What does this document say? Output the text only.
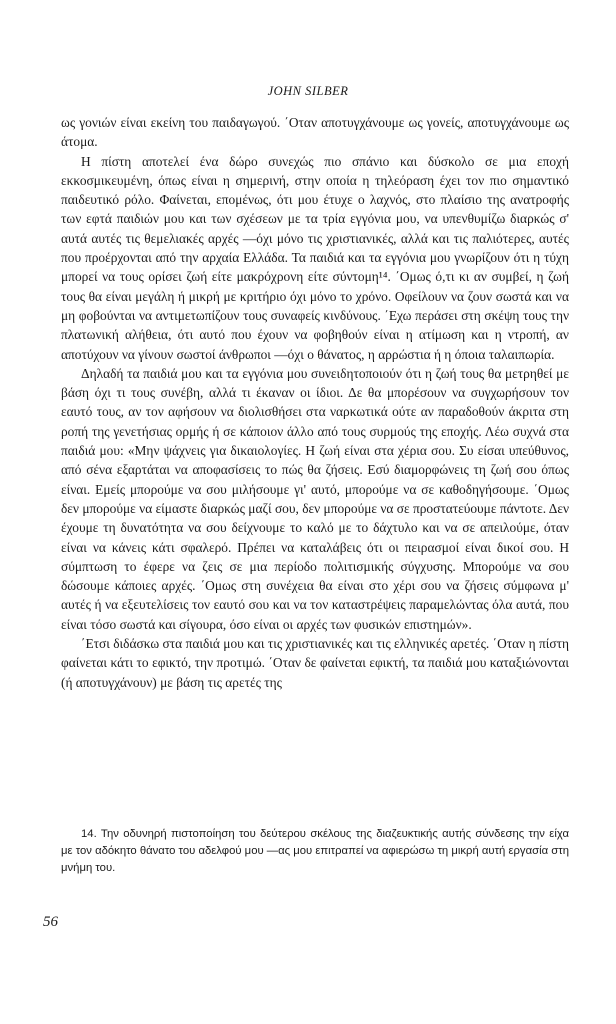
JOHN SILBER

ως γονιών είναι εκείνη του παιδαγωγού. ΄Οταν αποτυγχάνουμε ως γονείς, αποτυγχάνουμε ως άτομα.

Η πίστη αποτελεί ένα δώρο συνεχώς πιο σπάνιο και δύσκολο σε μια εποχή εκκοσμικευμένη, όπως είναι η σημερινή, στην οποία η τηλεόραση έχει τον πιο σημαντικό παιδευτικό ρόλο. Φαίνεται, επομένως, ότι μου έτυχε ο λαχνός, στο πλαίσιο της ανατροφής των εφτά παιδιών μου και των σχέσεων με τα τρία εγγόνια μου, να υπενθυμίζω διαρκώς σ' αυτά αυτές τις θεμελιακές αρχές —όχι μόνο τις χριστιανικές, αλλά και τις παλιότερες, αυτές που προέρχονται από την αρχαία Ελλάδα. Τα παιδιά και τα εγγόνια μου γνωρίζουν ότι η τύχη μπορεί να τους ορίσει ζωή είτε μακρόχρονη είτε σύντομη¹⁴. ΄Ομως ό,τι κι αν συμβεί, η ζωή τους θα είναι μεγάλη ή μικρή με κριτήριο όχι μόνο το χρόνο. Οφείλουν να ζουν σωστά και να μη φοβούνται να αντιμετωπίζουν τους συναφείς κινδύνους. ΄Εχω περάσει στη σκέψη τους την πλατωνική αλήθεια, ότι αυτό που έχουν να φοβηθούν είναι η ατίμωση και η ντροπή, αν αποτύχουν να γίνουν σωστοί άνθρωποι —όχι ο θάνατος, η αρρώστια ή η όποια ταλαιπωρία.

Δηλαδή τα παιδιά μου και τα εγγόνια μου συνειδητοποιούν ότι η ζωή τους θα μετρηθεί με βάση όχι τι τους συνέβη, αλλά τι έκαναν οι ίδιοι. Δε θα μπορέσουν να συγχωρήσουν τον εαυτό τους, αν τον αφήσουν να διολισθήσει στα ναρκωτικά ούτε αν παραδοθούν άκριτα στη ροπή της γενετήσιας ορμής ή σε κάποιον άλλο από τους συρμούς της εποχής. Λέω συχνά στα παιδιά μου: «Μην ψάχνεις για δικαιολογίες. Η ζωή είναι στα χέρια σου. Συ είσαι υπεύθυνος, από σένα εξαρτάται να αποφασίσεις το πώς θα ζήσεις. Εσύ διαμορφώνεις τη ζωή σου όπως είναι. Εμείς μπορούμε να σου μιλήσουμε γι' αυτό, μπορούμε να σε καθοδηγήσουμε. ΄Ομως δεν μπορούμε να είμαστε διαρκώς μαζί σου, δεν μπορούμε να σε προστατεύουμε πάντοτε. Δεν έχουμε τη δυνατότητα να σου δείχνουμε το καλό με το δάχτυλο και να σε απειλούμε, όταν είναι να κάνεις κάτι σφαλερό. Πρέπει να καταλάβεις ότι οι πειρασμοί είναι δικοί σου. Η σύμπτωση το έφερε να ζεις σε μια περίοδο πολιτισμικής σύγχυσης. Μπορούμε να σου δώσουμε κάποιες αρχές. ΄Ομως στη συνέχεια θα είναι στο χέρι σου να ζήσεις σύμφωνα μ' αυτές ή να εξευτελίσεις τον εαυτό σου και να τον καταστρέψεις παραμελώντας όλα αυτά, που είναι τόσο σωστά και σίγουρα, όσο είναι οι αρχές των φυσικών επιστημών».

΄Ετσι διδάσκω στα παιδιά μου και τις χριστιανικές και τις ελληνικές αρετές. ΄Οταν η πίστη φαίνεται κάτι το εφικτό, την προτιμώ. ΄Οταν δε φαίνεται εφικτή, τα παιδιά μου καταξιώνονται (ή αποτυγχάνουν) με βάση τις αρετές της

14. Την οδυνηρή πιστοποίηση του δεύτερου σκέλους της διαζευκτικής αυτής σύνδεσης την είχα με τον αδόκητο θάνατο του αδελφού μου —ας μου επιτραπεί να αφιερώσω τη μικρή αυτή εργασία στη μνήμη του.
56
